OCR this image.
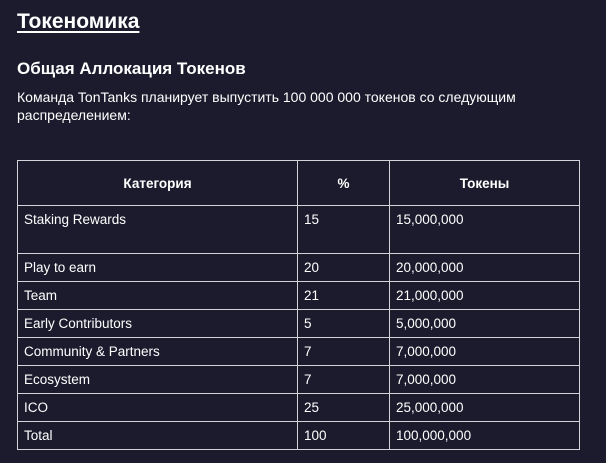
Токеномика
Общая Аллокация Токенов

Команда TonTanks планирует выпустить 100 000 000 токенов со следующим распределением:

Категория	%	Токены
Staking Rewards	15	15,000,000
Play to earn	20	20,000,000
Team	21	21,000,000
Early Contributors	5	5,000,000
Community & Partners	7	7,000,000
Ecosystem	7	7,000,000
ICO	25	25,000,000
Total	100	100,000,000
